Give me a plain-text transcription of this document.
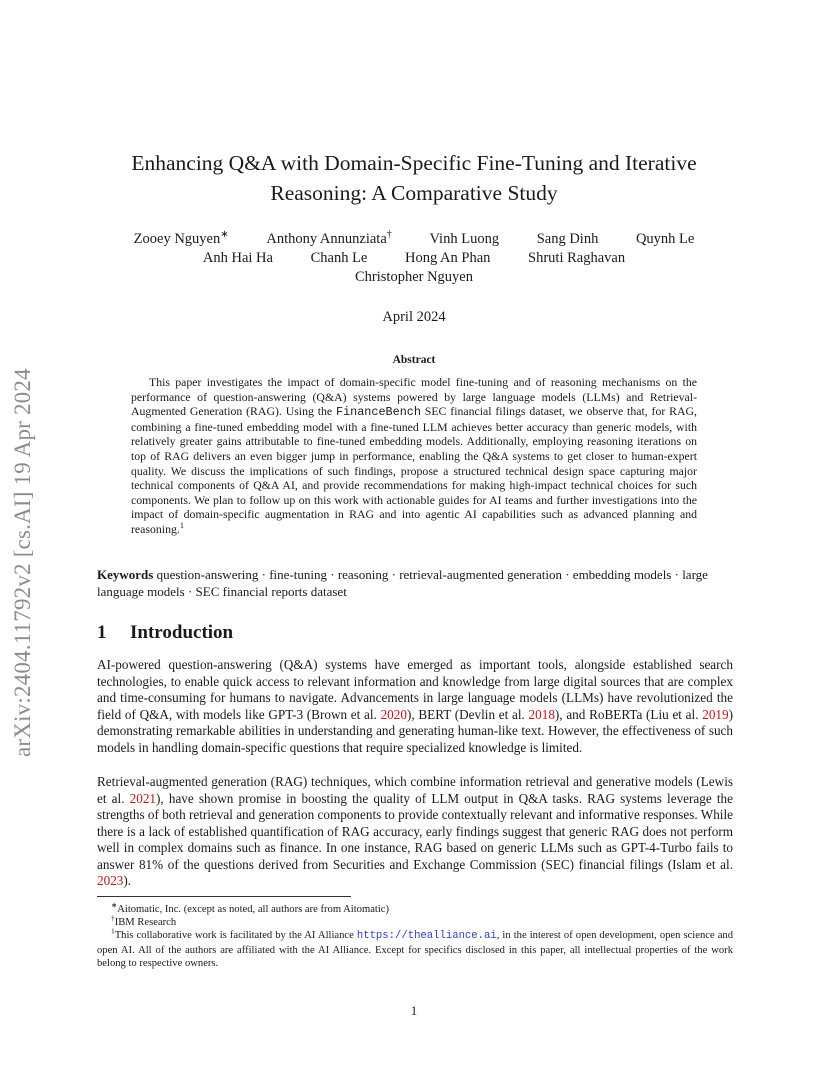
arXiv:2404.11792v2 [cs.AI] 19 Apr 2024
Enhancing Q&A with Domain-Specific Fine-Tuning and Iterative
Reasoning: A Comparative Study
Zooey Nguyen∗	Anthony Annunziata†	Vinh Luong	Sang Dinh	Quynh Le
Anh Hai Ha	Chanh Le	Hong An Phan	Shruti Raghavan
Christopher Nguyen
April 2024
Abstract
This paper investigates the impact of domain-specific model fine-tuning and of reasoning mechanisms on the performance of question-answering (Q&A) systems powered by large language models (LLMs) and Retrieval-Augmented Generation (RAG). Using the FinanceBench SEC financial filings dataset, we observe that, for RAG, combining a fine-tuned embedding model with a fine-tuned LLM achieves better accuracy than generic models, with relatively greater gains attributable to fine-tuned embedding models. Additionally, employing reasoning iterations on top of RAG delivers an even bigger jump in performance, enabling the Q&A systems to get closer to human-expert quality. We discuss the implications of such findings, propose a structured technical design space capturing major technical components of Q&A AI, and provide recommendations for making high-impact technical choices for such components. We plan to follow up on this work with actionable guides for AI teams and further investigations into the impact of domain-specific augmentation in RAG and into agentic AI capabilities such as advanced planning and reasoning.$^1$
Keywords question-answering · fine-tuning · reasoning · retrieval-augmented generation · embedding models · large language models · SEC financial reports dataset
1 Introduction
AI-powered question-answering (Q&A) systems have emerged as important tools, alongside established search technologies, to enable quick access to relevant information and knowledge from large digital sources that are complex and time-consuming for humans to navigate. Advancements in large language models (LLMs) have revolutionized the field of Q&A, with models like GPT-3 (Brown et al. 2020), BERT (Devlin et al. 2018), and RoBERTa (Liu et al. 2019) demonstrating remarkable abilities in understanding and generating human-like text. However, the effectiveness of such models in handling domain-specific questions that require specialized knowledge is limited.
Retrieval-augmented generation (RAG) techniques, which combine information retrieval and generative models (Lewis et al. 2021), have shown promise in boosting the quality of LLM output in Q&A tasks. RAG systems leverage the strengths of both retrieval and generation components to provide contextually relevant and informative responses. While there is a lack of established quantification of RAG accuracy, early findings suggest that generic RAG does not perform well in complex domains such as finance. In one instance, RAG based on generic LLMs such as GPT-4-Turbo fails to answer 81% of the questions derived from Securities and Exchange Commission (SEC) financial filings (Islam et al. 2023).
∗Aitomatic, Inc. (except as noted, all authors are from Aitomatic)
†IBM Research
$^1$This collaborative work is facilitated by the AI Alliance https://thealliance.ai, in the interest of open development, open science and open AI. All of the authors are affiliated with the AI Alliance. Except for specifics disclosed in this paper, all intellectual properties of the work belong to respective owners.
1
